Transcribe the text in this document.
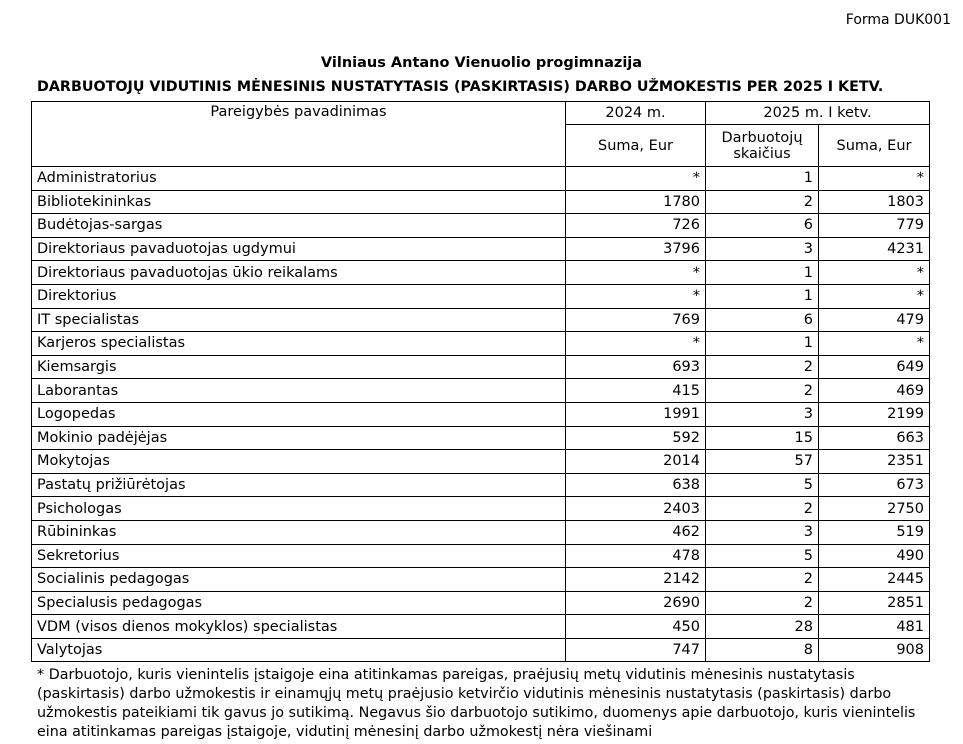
Forma DUK001
Vilniaus Antano Vienuolio progimnazija
DARBUOTOJŲ VIDUTINIS MĖNESINIS NUSTATYTASIS (PASKIRTASIS) DARBO UŽMOKESTIS PER 2025 I KETV.
Pareigybės pavadinimas	2024 m.	2025 m. I ketv.	
	Suma, Eur	Darbuotojų skaičius	Suma, Eur
Administratorius	*	1	*
Bibliotekininkas	1780	2	1803
Budėtojas-sargas	726	6	779
Direktoriaus pavaduotojas ugdymui	3796	3	4231
Direktoriaus pavaduotojas ūkio reikalams	*	1	*
Direktorius	*	1	*
IT specialistas	769	6	479
Karjeros specialistas	*	1	*
Kiemsargis	693	2	649
Laborantas	415	2	469
Logopedas	1991	3	2199
Mokinio padėjėjas	592	15	663
Mokytojas	2014	57	2351
Pastatų prižiūrėtojas	638	5	673
Psichologas	2403	2	2750
Rūbininkas	462	3	519
Sekretorius	478	5	490
Socialinis pedagogas	2142	2	2445
Specialusis pedagogas	2690	2	2851
VDM (visos dienos mokyklos) specialistas	450	28	481
Valytojas	747	8	908
* Darbuotojo, kuris vienintelis įstaigoje eina atitinkamas pareigas, praėjusių metų vidutinis mėnesinis nustatytasis (paskirtasis) darbo užmokestis ir einamųjų metų praėjusio ketvirčio vidutinis mėnesinis nustatytasis (paskirtasis) darbo užmokestis pateikiami tik gavus jo sutikimą. Negavus šio darbuotojo sutikimo, duomenys apie darbuotojo, kuris vienintelis eina atitinkamas pareigas įstaigoje, vidutinį mėnesinį darbo užmokestį nėra viešinami
